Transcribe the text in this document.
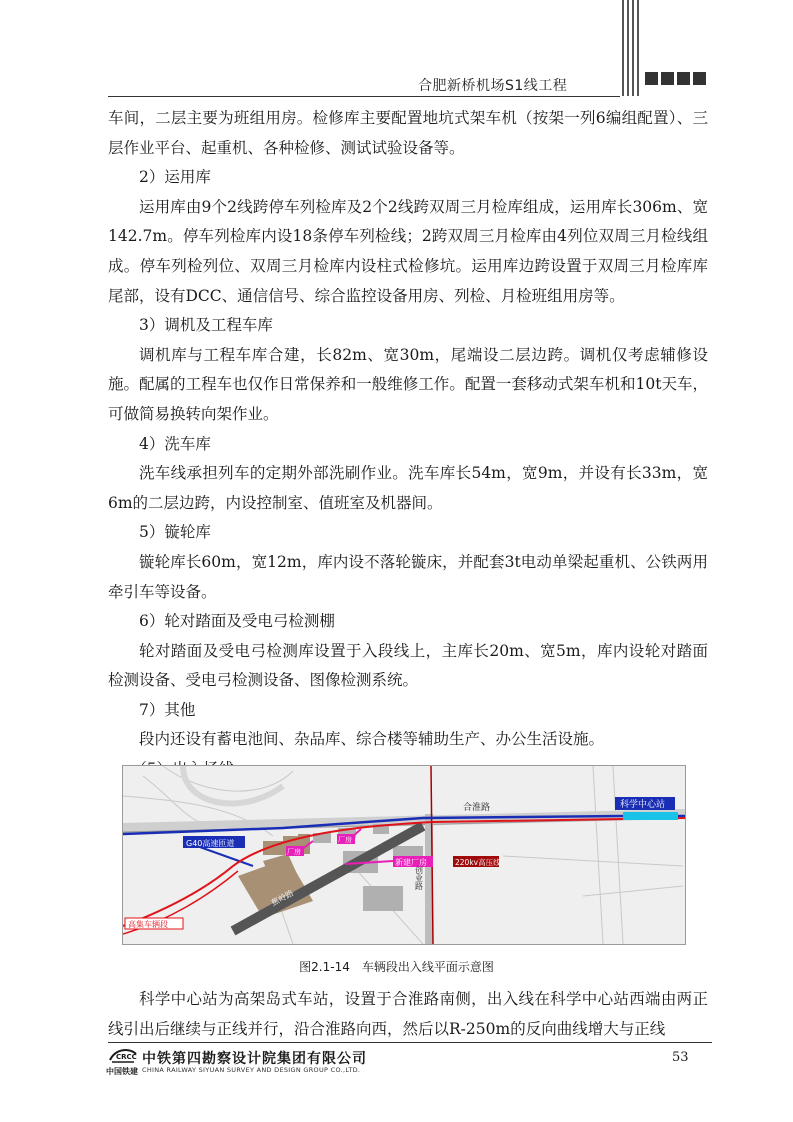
合肥新桥机场S1线工程

车间，二层主要为班组用房。检修库主要配置地坑式架车机（按架一列6编组配置）、三层作业平台、起重机、各种检修、测试试验设备等。

2）运用库

运用库由9个2线跨停车列检库及2个2线跨双周三月检库组成，运用库长306m、宽142.7m。停车列检库内设18条停车列检线；2跨双周三月检库由4列位双周三月检线组成。停车列检列位、双周三月检库内设柱式检修坑。运用库边跨设置于双周三月检库库尾部，设有DCC、通信信号、综合监控设备用房、列检、月检班组用房等。

3）调机及工程车库

调机库与工程车库合建，长82m、宽30m，尾端设二层边跨。调机仅考虑辅修设施。配属的工程车也仅作日常保养和一般维修工作。配置一套移动式架车机和10t天车，可做简易换转向架作业。

4）洗车库

洗车线承担列车的定期外部洗刷作业。洗车库长54m，宽9m，并设有长33m，宽6m的二层边跨，内设控制室、值班室及机器间。

5）镟轮库

镟轮库长60m，宽12m，库内设不落轮镟床，并配套3t电动单梁起重机、公铁两用牵引车等设备。

6）轮对踏面及受电弓检测棚

轮对踏面及受电弓检测库设置于入段线上，主库长20m、宽5m，库内设轮对踏面检测设备、受电弓检测设备、图像检测系统。

7）其他

段内还设有蓄电池间、杂品库、综合楼等辅助生产、办公生活设施。

合淮路	科学中心站
G40高速匝道
厂房
厂房
新建厂房	220kv高压线
创业路
蕉岭路
高集车辆段
图2.1-14　车辆段出入线平面示意图

科学中心站为高架岛式车站，设置于合淮路南侧，出入线在科学中心站西端由两正线引出后继续与正线并行，沿合淮路向西，然后以R-250m的反向曲线增大与正线

CRCC 中铁第四勘察设计院集团有限公司
CHINA RAILWAY SIYUAN SURVEY AND DESIGN GROUP CO.,LTD.
中国铁建
53
